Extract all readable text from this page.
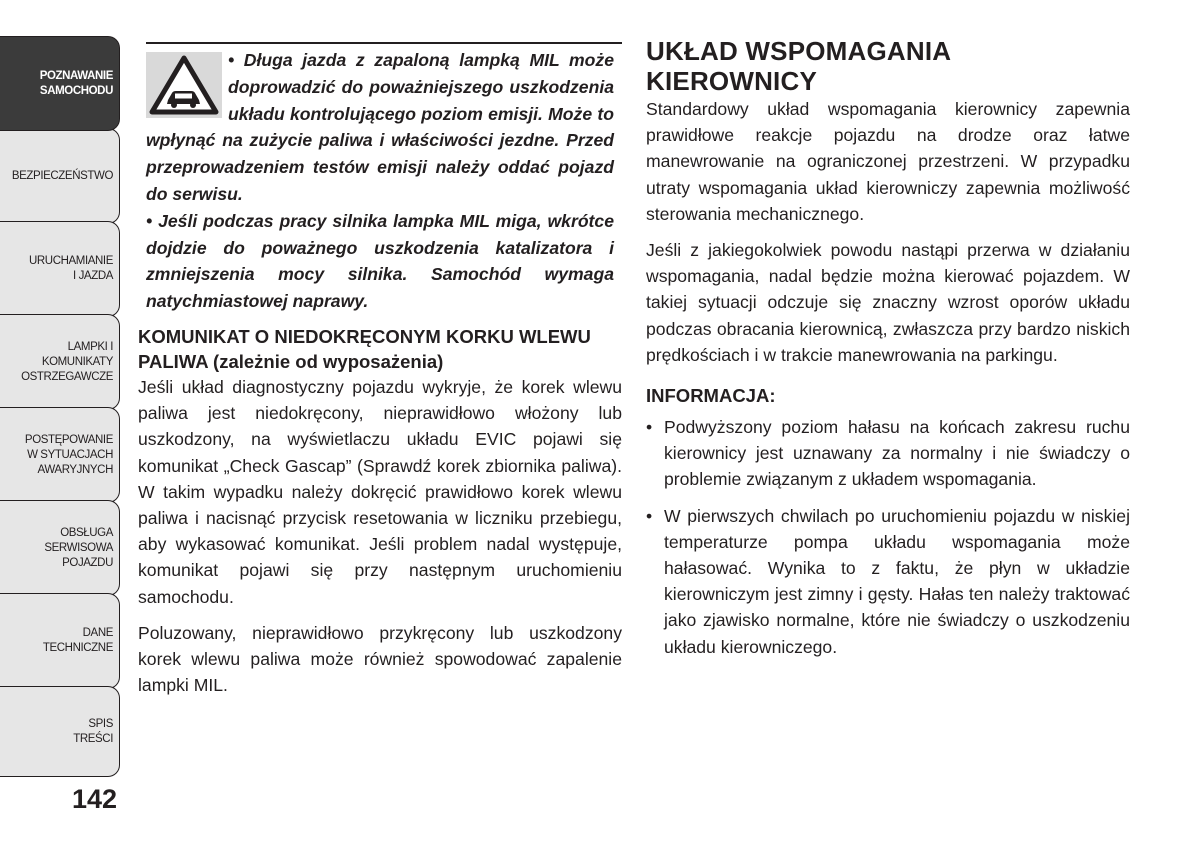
POZNAWANIE
SAMOCHODU
BEZPIECZEŃSTWO
URUCHAMIANIE
I JAZDA
LAMPKI I
KOMUNIKATY
OSTRZEGAWCZE
POSTĘPOWANIE
W SYTUACJACH
AWARYJNYCH
OBSŁUGA
SERWISOWA
POJAZDU
DANE
TECHNICZNE
SPIS
TREŚCI
142

• Długa jazda z zapaloną lampką MIL może doprowadzić do poważniejszego uszkodzenia układu kontrolującego poziom emisji. Może to wpłynąć na zużycie paliwa i właściwości jezdne. Przed przeprowadzeniem testów emisji należy oddać pojazd do serwisu.

• Jeśli podczas pracy silnika lampka MIL miga, wkrótce dojdzie do poważnego uszkodzenia katalizatora i zmniejszenia mocy silnika. Samochód wymaga natychmiastowej naprawy.

KOMUNIKAT O NIEDOKRĘCONYM KORKU WLEWU PALIWA (zależnie od wyposażenia)

Jeśli układ diagnostyczny pojazdu wykryje, że korek wlewu paliwa jest niedokręcony, nieprawidłowo włożony lub uszkodzony, na wyświetlaczu układu EVIC pojawi się komunikat „Check Gascap” (Sprawdź korek zbiornika paliwa). W takim wypadku należy dokręcić prawidłowo korek wlewu paliwa i nacisnąć przycisk resetowania w liczniku przebiegu, aby wykasować komunikat. Jeśli problem nadal występuje, komunikat pojawi się przy następnym uruchomieniu samochodu.

Poluzowany, nieprawidłowo przykręcony lub uszkodzony korek wlewu paliwa może również spowodować zapalenie lampki MIL.

UKŁAD WSPOMAGANIA
KIEROWNICY

Standardowy układ wspomagania kierownicy zapewnia prawidłowe reakcje pojazdu na drodze oraz łatwe manewrowanie na ograniczonej przestrzeni. W przypadku utraty wspomagania układ kierowniczy zapewnia możliwość sterowania mechanicznego.

Jeśli z jakiegokolwiek powodu nastąpi przerwa w działaniu wspomagania, nadal będzie można kierować pojazdem. W takiej sytuacji odczuje się znaczny wzrost oporów układu podczas obracania kierownicą, zwłaszcza przy bardzo niskich prędkościach i w trakcie manewrowania na parkingu.

INFORMACJA:

• Podwyższony poziom hałasu na końcach zakresu ruchu kierownicy jest uznawany za normalny i nie świadczy o problemie związanym z układem wspomagania.
• W pierwszych chwilach po uruchomieniu pojazdu w niskiej temperaturze pompa układu wspomagania może hałasować. Wynika to z faktu, że płyn w układzie kierowniczym jest zimny i gęsty. Hałas ten należy traktować jako zjawisko normalne, które nie świadczy o uszkodzeniu układu kierowniczego.
